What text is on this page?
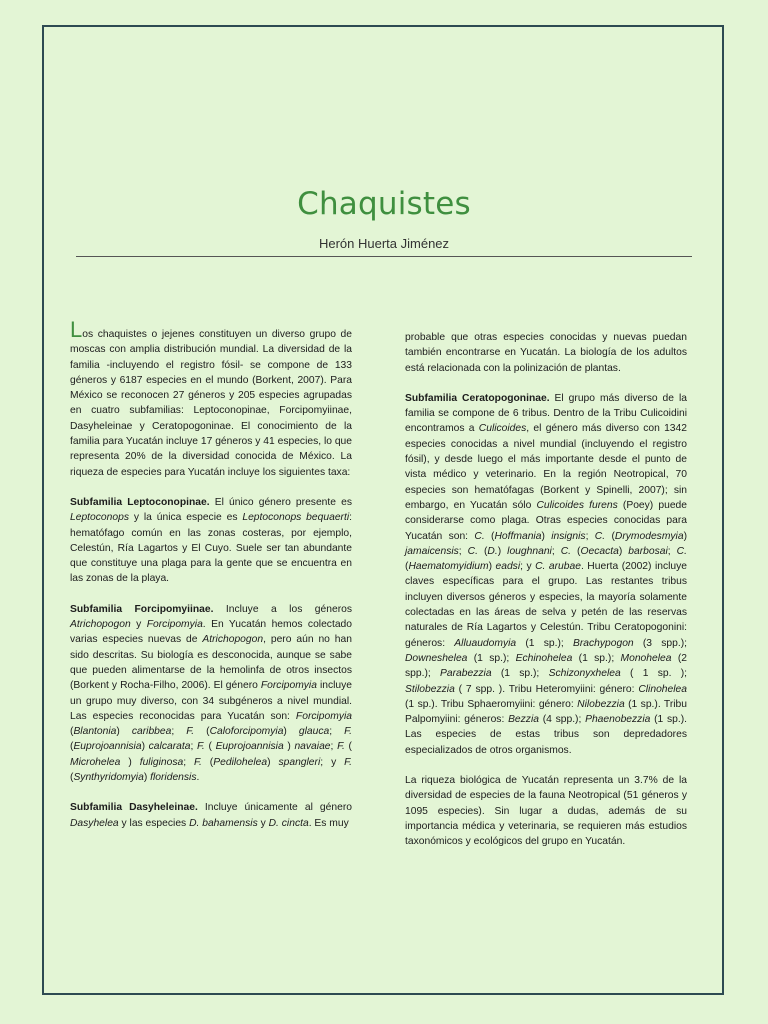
Chaquistes
Herón Huerta Jiménez

Los chaquistes o jejenes constituyen un diverso grupo de moscas con amplia distribución mundial. La diversidad de la familia -incluyendo el registro fósil- se compone de 133 géneros y 6187 especies en el mundo (Borkent, 2007). Para México se reconocen 27 géneros y 205 especies agrupadas en cuatro subfamilias: Leptoconopinae, Forcipomyiinae, Dasyheleinae y Ceratopogoninae. El conocimiento de la familia para Yucatán incluye 17 géneros y 41 especies, lo que representa 20% de la diversidad conocida de México. La riqueza de especies para Yucatán incluye los siguientes taxa:

Subfamilia Leptoconopinae. El único género presente es Leptoconops y la única especie es Leptoconops bequaerti: hematófago común en las zonas costeras, por ejemplo, Celestún, Ría Lagartos y El Cuyo. Suele ser tan abundante que constituye una plaga para la gente que se encuentra en las zonas de la playa.

Subfamilia Forcipomyiinae. Incluye a los géneros Atrichopogon y Forcipomyia. En Yucatán hemos colectado varias especies nuevas de Atrichopogon, pero aún no han sido descritas. Su biología es desconocida, aunque se sabe que pueden alimentarse de la hemolinfa de otros insectos (Borkent y Rocha-Filho, 2006). El género Forcipomyia incluye un grupo muy diverso, con 34 subgéneros a nivel mundial. Las especies reconocidas para Yucatán son: Forcipomyia (Blantonia) caribbea; F. (Caloforcipomyia) glauca; F. (Euprojoannisia) calcarata; F. ( Euprojoannisia ) navaiae; F. ( Microhelea ) fuliginosa; F. (Pedilohelea) spangleri; y F. (Synthyridomyia) floridensis.

Subfamilia Dasyheleinae. Incluye únicamente al género Dasyhelea y las especies D. bahamensis y D. cincta. Es muy

probable que otras especies conocidas y nuevas puedan también encontrarse en Yucatán. La biología de los adultos está relacionada con la polinización de plantas.

Subfamilia Ceratopogoninae. El grupo más diverso de la familia se compone de 6 tribus. Dentro de la Tribu Culicoidini encontramos a Culicoides, el género más diverso con 1342 especies conocidas a nivel mundial (incluyendo el registro fósil), y desde luego el más importante desde el punto de vista médico y veterinario. En la región Neotropical, 70 especies son hematófagas (Borkent y Spinelli, 2007); sin embargo, en Yucatán sólo Culicoides furens (Poey) puede considerarse como plaga. Otras especies conocidas para Yucatán son: C. (Hoffmania) insignis; C. (Drymodesmyia) jamaicensis; C. (D.) loughnani; C. (Oecacta) barbosai; C. (Haematomyidium) eadsi; y C. arubae. Huerta (2002) incluye claves específicas para el grupo. Las restantes tribus incluyen diversos géneros y especies, la mayoría solamente colectadas en las áreas de selva y petén de las reservas naturales de Ría Lagartos y Celestún. Tribu Ceratopogonini: géneros: Alluaudomyia (1 sp.); Brachypogon (3 spp.); Downeshelea (1 sp.); Echinohelea (1 sp.); Monohelea (2 spp.); Parabezzia (1 sp.); Schizonyxhelea ( 1 sp. ); Stilobezzia ( 7 spp. ). Tribu Heteromyiini: género: Clinohelea (1 sp.). Tribu Sphaeromyiini: género: Nilobezzia (1 sp.). Tribu Palpomyiini: géneros: Bezzia (4 spp.); Phaenobezzia (1 sp.). Las especies de estas tribus son depredadores especializados de otros organismos.

La riqueza biológica de Yucatán representa un 3.7% de la diversidad de especies de la fauna Neotropical (51 géneros y 1095 especies). Sin lugar a dudas, además de su importancia médica y veterinaria, se requieren más estudios taxonómicos y ecológicos del grupo en Yucatán.
